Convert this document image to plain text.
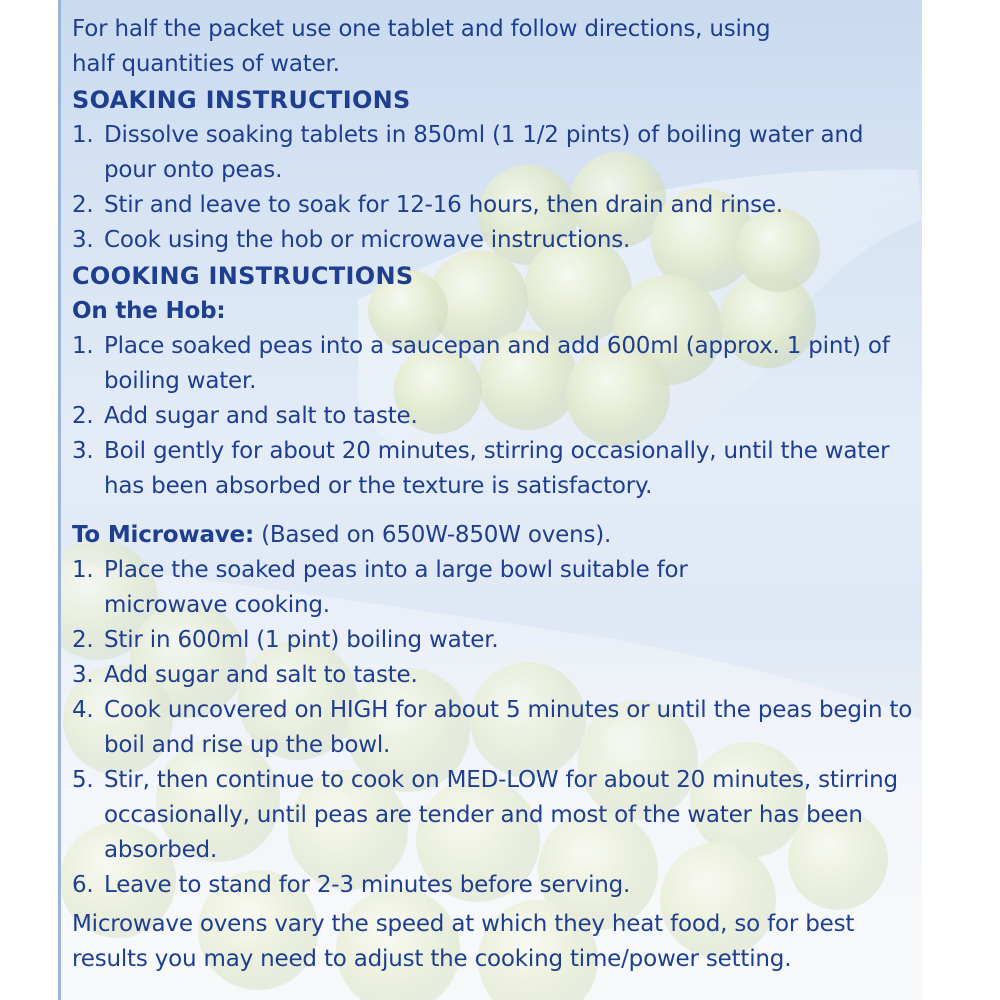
For half the packet use one tablet and follow directions, using half quantities of water.

SOAKING INSTRUCTIONS
1. Dissolve soaking tablets in 850ml (1 1/2 pints) of boiling water and pour onto peas.
2. Stir and leave to soak for 12-16 hours, then drain and rinse.
3. Cook using the hob or microwave instructions.
COOKING INSTRUCTIONS
On the Hob:
1. Place soaked peas into a saucepan and add 600ml (approx. 1 pint) of boiling water.
2. Add sugar and salt to taste.
3. Boil gently for about 20 minutes, stirring occasionally, until the water has been absorbed or the texture is satisfactory.

To Microwave: (Based on 650W-850W ovens).

1. Place the soaked peas into a large bowl suitable for microwave cooking.
2. Stir in 600ml (1 pint) boiling water.
3. Add sugar and salt to taste.
4. Cook uncovered on HIGH for about 5 minutes or until the peas begin to boil and rise up the bowl.
5. Stir, then continue to cook on MED-LOW for about 20 minutes, stirring occasionally, until peas are tender and most of the water has been absorbed.
6. Leave to stand for 2-3 minutes before serving.

Microwave ovens vary the speed at which they heat food, so for best results you may need to adjust the cooking time/power setting.
